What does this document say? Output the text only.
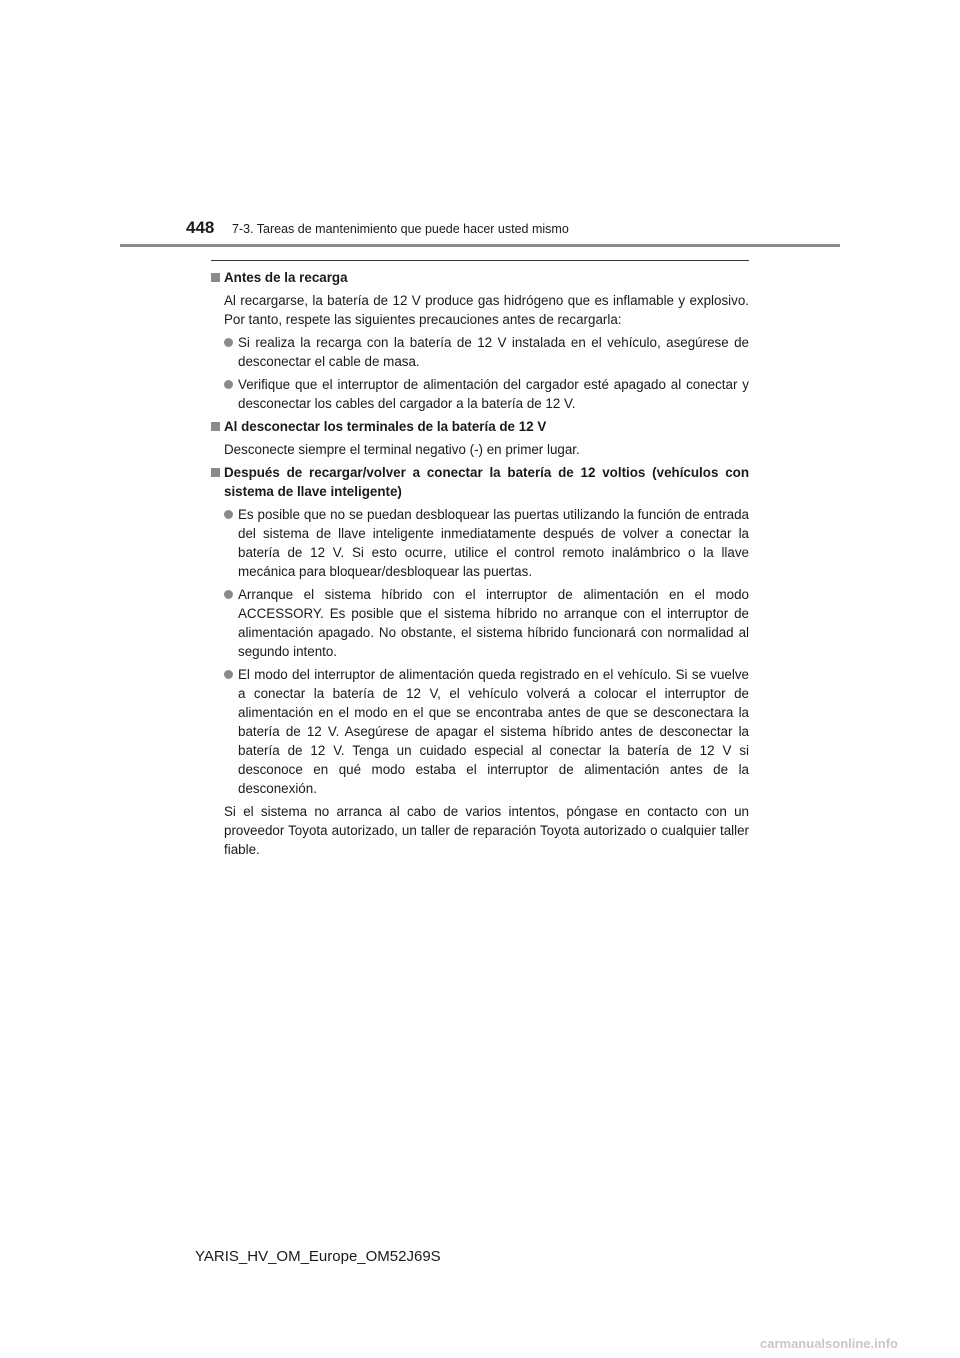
448 7-3. Tareas de mantenimiento que puede hacer usted mismo
Antes de la recarga
Al recargarse, la batería de 12 V produce gas hidrógeno que es inflamable y explosivo. Por tanto, respete las siguientes precauciones antes de recargarla:
Si realiza la recarga con la batería de 12 V instalada en el vehículo, asegúrese de desconectar el cable de masa.
Verifique que el interruptor de alimentación del cargador esté apagado al conectar y desconectar los cables del cargador a la batería de 12 V.
Al desconectar los terminales de la batería de 12 V
Desconecte siempre el terminal negativo (-) en primer lugar.
Después de recargar/volver a conectar la batería de 12 voltios (vehículos con sistema de llave inteligente)
Es posible que no se puedan desbloquear las puertas utilizando la función de entrada del sistema de llave inteligente inmediatamente después de volver a conectar la batería de 12 V. Si esto ocurre, utilice el control remoto inalámbrico o la llave mecánica para bloquear/desbloquear las puertas.
Arranque el sistema híbrido con el interruptor de alimentación en el modo ACCESSORY. Es posible que el sistema híbrido no arranque con el interruptor de alimentación apagado. No obstante, el sistema híbrido funcionará con normalidad al segundo intento.
El modo del interruptor de alimentación queda registrado en el vehículo. Si se vuelve a conectar la batería de 12 V, el vehículo volverá a colocar el interruptor de alimentación en el modo en el que se encontraba antes de que se desconectara la batería de 12 V. Asegúrese de apagar el sistema híbrido antes de desconectar la batería de 12 V. Tenga un cuidado especial al conectar la batería de 12 V si desconoce en qué modo estaba el interruptor de alimentación antes de la desconexión.
Si el sistema no arranca al cabo de varios intentos, póngase en contacto con un proveedor Toyota autorizado, un taller de reparación Toyota autorizado o cualquier taller fiable.
YARIS_HV_OM_Europe_OM52J69S
carmanualsonline.info
